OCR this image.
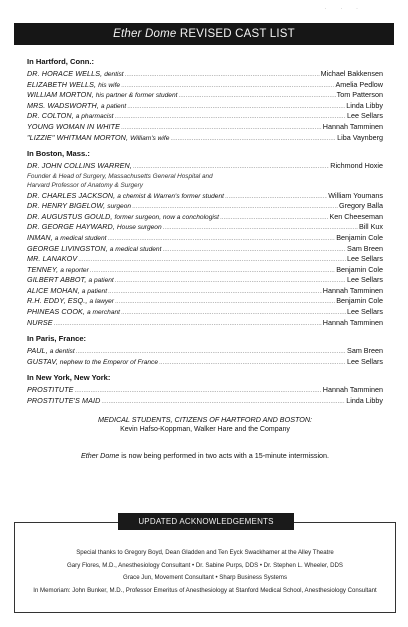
· · ·
Ether Dome REVISED CAST LIST
In Hartford, Conn.:
DR. HORACE WELLS, dentist .....	Michael Bakkensen
ELIZABETH WELLS, his wife .....	Amelia Pedlow
WILLIAM MORTON, his partner & former student .....	Tom Patterson
MRS. WADSWORTH, a patient .....	Linda Libby
DR. COLTON, a pharmacist .....	Lee Sellars
YOUNG WOMAN IN WHITE .....	Hannah Tamminen
"LIZZIE" WHITMAN MORTON, William's wife .....	Liba Vaynberg
In Boston, Mass.:
DR. JOHN COLLINS WARREN, .....	Richmond Hoxie
Founder & Head of Surgery, Massachusetts General Hospital and
Harvard Professor of Anatomy & Surgery
DR. CHARLES JACKSON, a chemist & Warren's former student .....	William Youmans
DR. HENRY BIGELOW, surgeon .....	Gregory Balla
DR. AUGUSTUS GOULD, former surgeon, now a conchologist .....	Ken Cheeseman
DR. GEORGE HAYWARD, House surgeon .....	Bill Kux
INMAN, a medical student .....	Benjamin Cole
GEORGE LIVINGSTON, a medical student .....	Sam Breen
MR. LANAKOV .....	Lee Sellars
TENNEY, a reporter .....	Benjamin Cole
GILBERT ABBOT, a patient .....	Lee Sellars
ALICE MOHAN, a patient .....	Hannah Tamminen
R.H. EDDY, ESQ., a lawyer .....	Benjamin Cole
PHINEAS COOK, a merchant .....	Lee Sellars
NURSE .....	Hannah Tamminen
In Paris, France:
PAUL, a dentist .....	Sam Breen
GUSTAV, nephew to the Emperor of France .....	Lee Sellars
In New York, New York:
PROSTITUTE .....	Hannah Tamminen
PROSTITUTE'S MAID .....	Linda Libby
MEDICAL STUDENTS, CITIZENS OF HARTFORD AND BOSTON:
Kevin Hafso-Koppman, Walker Hare and the Company
Ether Dome is now being performed in two acts with a 15-minute intermission.
UPDATED ACKNOWLEDGEMENTS
Special thanks to Gregory Boyd, Dean Gladden and Ten Eyck Swackhamer at the Alley Theatre
Gary Flores, M.D., Anesthesiology Consultant • Dr. Sabine Purps, DDS • Dr. Stephen L. Wheeler, DDS
Grace Jun, Movement Consultant • Sharp Business Systems
In Memoriam: John Bunker, M.D., Professor Emeritus of Anesthesiology at Stanford Medical School, Anesthesiology Consultant
